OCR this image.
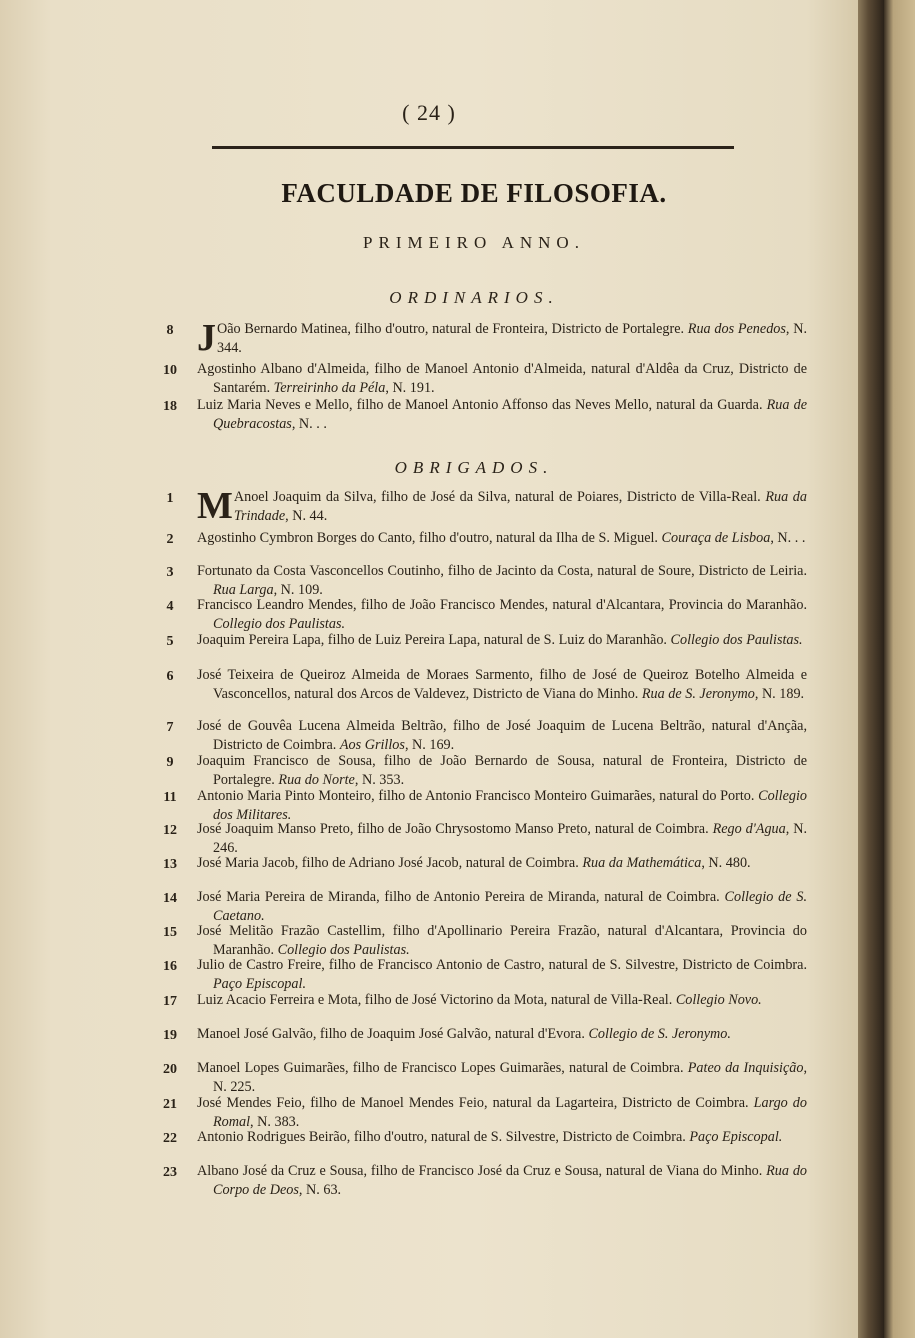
( 24 )
FACULDADE DE FILOSOFIA.
PRIMEIRO ANNO.
ORDINARIOS.
8 J Oão Bernardo Matinea, filho d'outro, natural de Fronteira, Districto de Portalegre. Rua dos Penedos, N. 344.
10	Agostinho Albano d'Almeida, filho de Manoel Antonio d'Almeida, natural d'Aldêa da Cruz, Districto de Santarém. Terreirinho da Péla, N. 191.
18	Luiz Maria Neves e Mello, filho de Manoel Antonio Affonso das Neves Mello, natural da Guarda. Rua de Quebracostas, N. . .
OBRIGADOS.
1 M Anoel Joaquim da Silva, filho de José da Silva, natural de Poiares, Districto de Villa-Real. Rua da Trindade, N. 44.
2	Agostinho Cymbron Borges do Canto, filho d'outro, natural da Ilha de S. Miguel. Couraça de Lisboa, N. . .
3	Fortunato da Costa Vasconcellos Coutinho, filho de Jacinto da Costa, natural de Soure, Districto de Leiria. Rua Larga, N. 109.
4	Francisco Leandro Mendes, filho de João Francisco Mendes, natural d'Alcantara, Provincia do Maranhão. Collegio dos Paulistas.
5	Joaquim Pereira Lapa, filho de Luiz Pereira Lapa, natural de S. Luiz do Maranhão. Collegio dos Paulistas.
6	José Teixeira de Queiroz Almeida de Moraes Sarmento, filho de José de Queiroz Botelho Almeida e Vasconcellos, natural dos Arcos de Valdevez, Districto de Viana do Minho. Rua de S. Jeronymo, N. 189.
7	José de Gouvêa Lucena Almeida Beltrão, filho de José Joaquim de Lucena Beltrão, natural d'Ançãa, Districto de Coimbra. Aos Grillos, N. 169.
9	Joaquim Francisco de Sousa, filho de João Bernardo de Sousa, natural de Fronteira, Districto de Portalegre. Rua do Norte, N. 353.
11	Antonio Maria Pinto Monteiro, filho de Antonio Francisco Monteiro Guimarães, natural do Porto. Collegio dos Militares.
12	José Joaquim Manso Preto, filho de João Chrysostomo Manso Preto, natural de Coimbra. Rego d'Agua, N. 246.
13	José Maria Jacob, filho de Adriano José Jacob, natural de Coimbra. Rua da Mathemática, N. 480.
14	José Maria Pereira de Miranda, filho de Antonio Pereira de Miranda, natural de Coimbra. Collegio de S. Caetano.
15	José Melitão Frazão Castellim, filho d'Apollinario Pereira Frazão, natural d'Alcantara, Provincia do Maranhão. Collegio dos Paulistas.
16	Julio de Castro Freire, filho de Francisco Antonio de Castro, natural de S. Silvestre, Districto de Coimbra. Paço Episcopal.
17	Luiz Acacio Ferreira e Mota, filho de José Victorino da Mota, natural de Villa-Real. Collegio Novo.
19	Manoel José Galvão, filho de Joaquim José Galvão, natural d'Evora. Collegio de S. Jeronymo.
20	Manoel Lopes Guimarães, filho de Francisco Lopes Guimarães, natural de Coimbra. Pateo da Inquisição, N. 225.
21	José Mendes Feio, filho de Manoel Mendes Feio, natural da Lagarteira, Districto de Coimbra. Largo do Romal, N. 383.
22	Antonio Rodrigues Beirão, filho d'outro, natural de S. Silvestre, Districto de Coimbra. Paço Episcopal.
23	Albano José da Cruz e Sousa, filho de Francisco José da Cruz e Sousa, natural de Viana do Minho. Rua do Corpo de Deos, N. 63.
